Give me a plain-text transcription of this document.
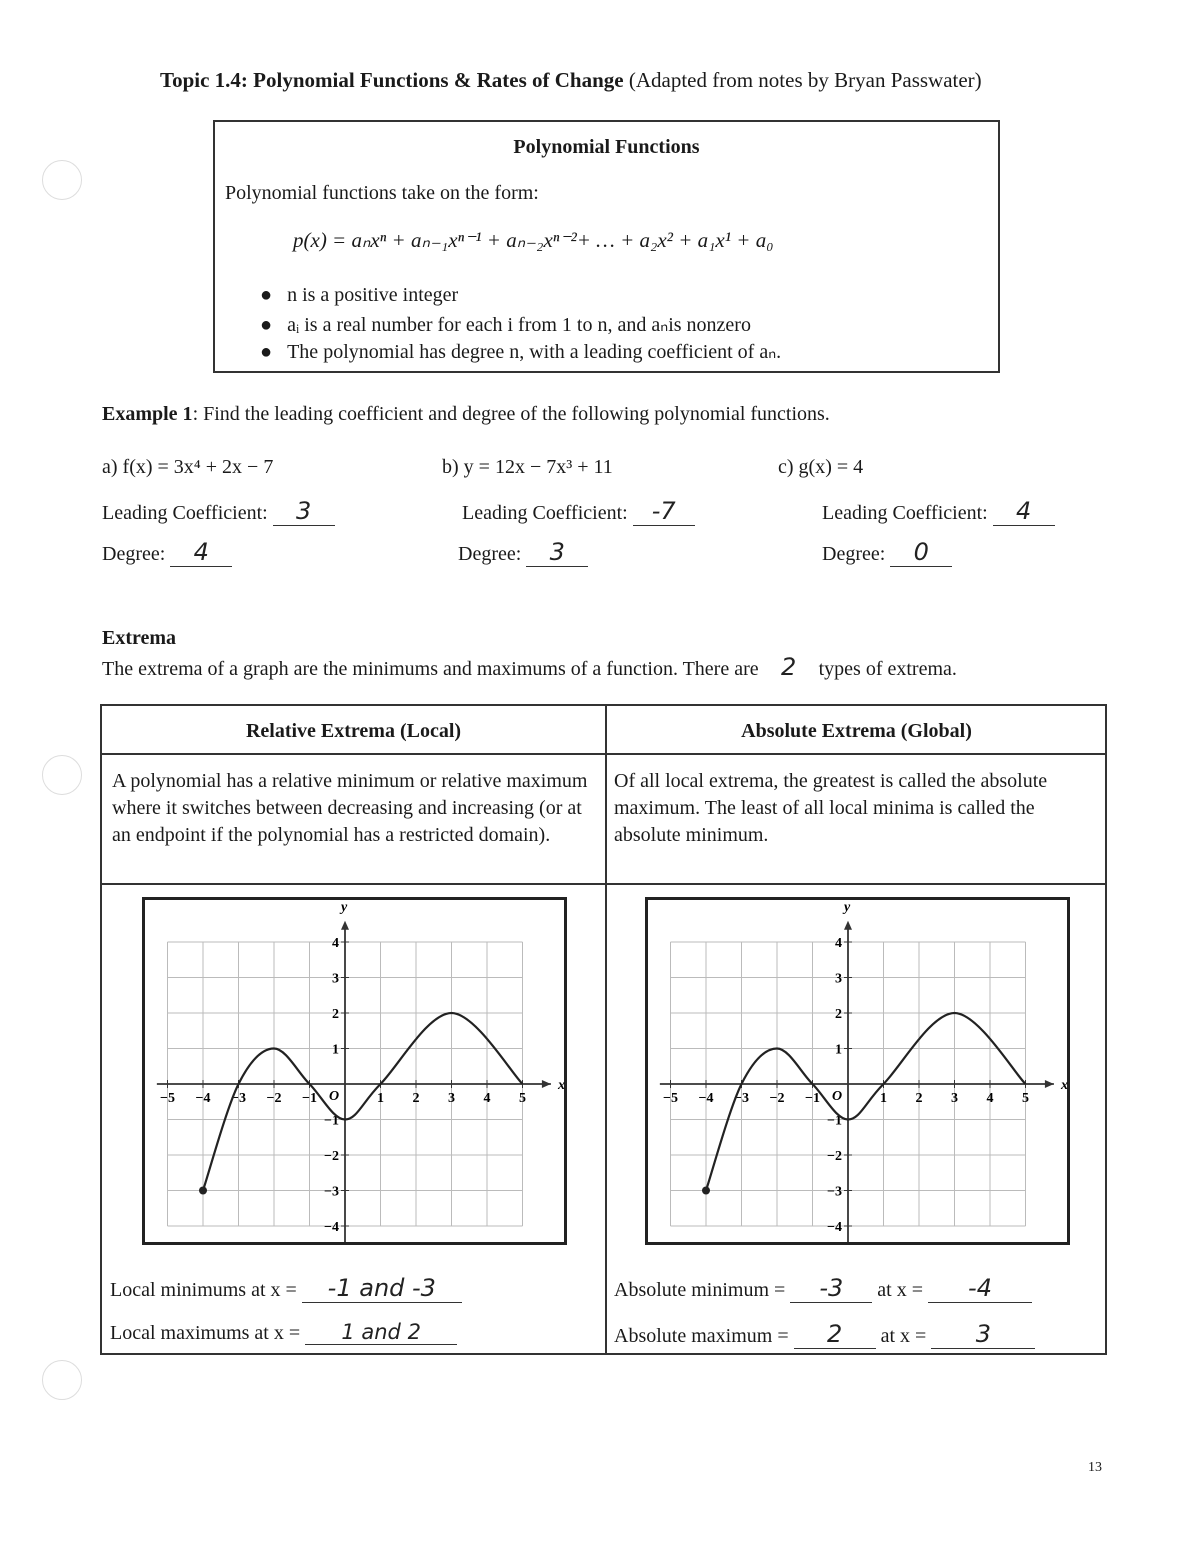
Topic 1.4: Polynomial Functions & Rates of Change (Adapted from notes by Bryan Passwater)
Polynomial Functions
Polynomial functions take on the form:
p(x) = aₙxⁿ + aₙ₋₁xⁿ⁻¹ + aₙ₋₂xⁿ⁻²+ … + a₂x² + a₁x¹ + a₀
●   n is a positive integer
●   aᵢ is a real number for each i from 1 to n, and aₙis nonzero
●   The polynomial has degree n, with a leading coefficient of aₙ.
Example 1: Find the leading coefficient and degree of the following polynomial functions.
a) f(x) = 3x⁴ + 2x − 7
Leading Coefficient: 3
Degree: 4
b) y = 12x − 7x³ + 11
Leading Coefficient: -7
Degree: 3
c) g(x) = 4
Leading Coefficient: 4
Degree: 0
Extrema
The extrema of a graph are the minimums and maximums of a function. There are 2 types of extrema.
Relative Extrema (Local)	Absolute Extrema (Global)
A polynomial has a relative minimum or relative maximum where it switches between decreasing and increasing (or at an endpoint if the polynomial has a restricted domain).
Of all local extrema, the greatest is called the absolute maximum. The least of all local minima is called the absolute minimum.
x
y
O
−5 −4 −3 −2 −1	1 2 3 4 5
−4
−3
−2
−1
1
2
3
4
x
y
O
−5 −4 −3 −2 −1	1 2 3 4 5
−4
−3
−2
−1
1
2
3
4
Local minimums at x = -1 and -3
Local maximums at x = 1 and 2
Absolute minimum = -3 at x = -4
Absolute maximum = 2 at x = 3
13
